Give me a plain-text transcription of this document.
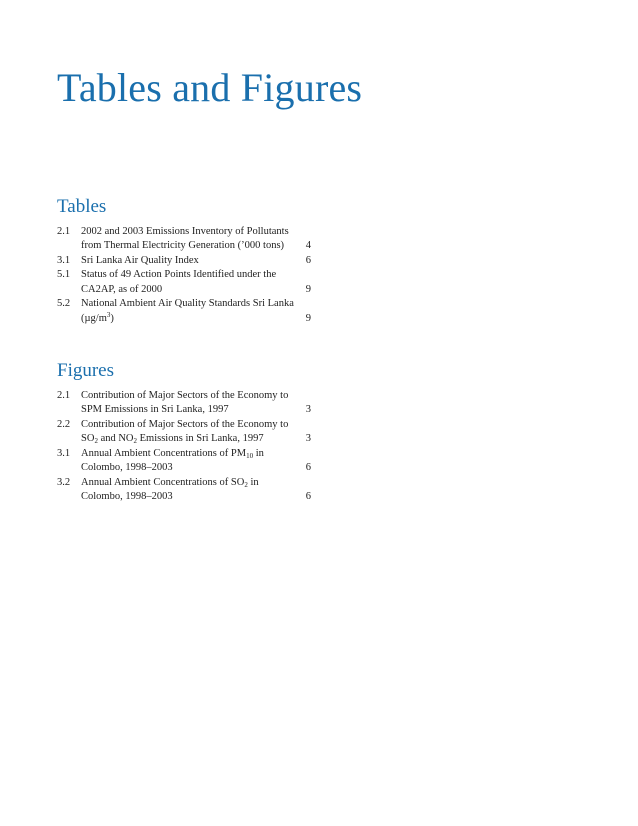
Tables and Figures
Tables
2.1	2002 and 2003 Emissions Inventory of Pollutants
from Thermal Electricity Generation (’000 tons)	4
3.1	Sri Lanka Air Quality Index	6
5.1	Status of 49 Action Points Identified under the
CA2AP, as of 2000	9
5.2	National Ambient Air Quality Standards Sri Lanka
$(\mu g/m^3)$	9
Figures
2.1	Contribution of Major Sectors of the Economy to
SPM Emissions in Sri Lanka, 1997	3
2.2	Contribution of Major Sectors of the Economy to
$SO_2$ and $NO_2$ Emissions in Sri Lanka, 1997	3
3.1	Annual Ambient Concentrations of $PM_{10}$ in
Colombo, 1998–2003	6
3.2	Annual Ambient Concentrations of $SO_2$ in
Colombo, 1998–2003	6
